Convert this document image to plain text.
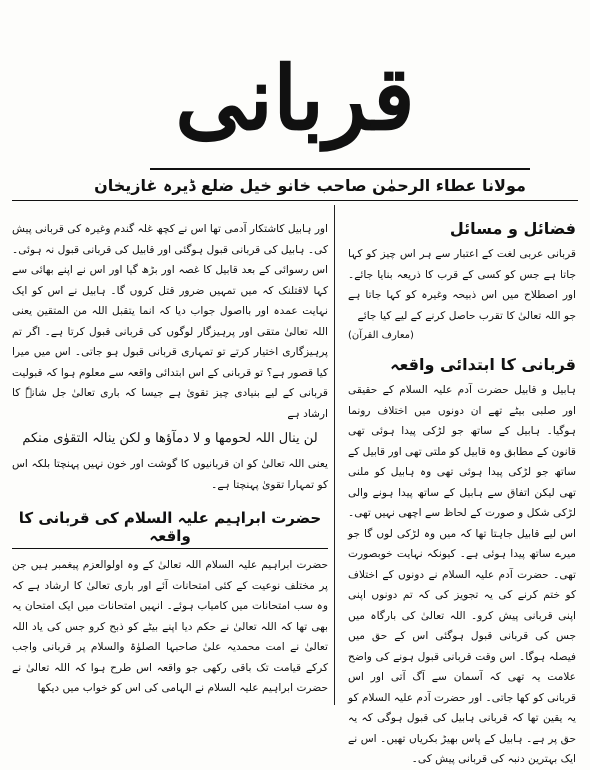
قربانی
مولانا عطاء الرحمٰن صاحب خانو خیل ضلع ڈیرہ غازیخان
فضائل و مسائل

قربانی عربی لغت کے اعتبار سے ہر اس چیز کو کہا جاتا ہے جس کو کسی کے قرب کا ذریعہ بنایا جائے۔ اور اصطلاح میں اس ذبیحہ وغیرہ کو کہا جاتا ہے جو اللہ تعالیٰ کا تقرب حاصل کرنے کے لیے کیا جائے

(معارف القرآن)

قربانی کا ابتدائی واقعہ

ہابیل و قابیل حضرت آدم علیہ السلام کے حقیقی اور صلبی بیٹے تھے ان دونوں میں اختلاف رونما ہوگیا۔ ہابیل کے ساتھ جو لڑکی پیدا ہوئی تھی قانون کے مطابق وہ قابیل کو ملتی تھی اور قابیل کے ساتھ جو لڑکی پیدا ہوئی تھی وہ ہابیل کو ملنی تھی لیکن اتفاق سے ہابیل کے ساتھ پیدا ہونے والی لڑکی شکل و صورت کے لحاظ سے اچھی نہیں تھی۔ اس لیے قابیل جاہتا تھا کہ میں وہ لڑکی لوں گا جو میرے ساتھ پیدا ہوئی ہے۔ کیونکہ نہایت خوبصورت تھی۔ حضرت آدم علیہ السلام نے دونوں کے اختلاف کو ختم کرنے کی یہ تجویز کی کہ تم دونوں اپنی اپنی قربانی پیش کرو۔ اللہ تعالیٰ کی بارگاہ میں جس کی قربانی قبول ہوگئی اس کے حق میں فیصلہ ہوگا۔ اس وقت قربانی قبول ہونے کی واضح علامت یہ تھی کہ آسمان سے آگ آتی اور اس قربانی کو کھا جاتی۔ اور حضرت آدم علیہ السلام کو یہ یقین تھا کہ قربانی ہابیل کی قبول ہوگی کہ یہ حق پر ہے۔ ہابیل کے پاس بھیڑ بکریاں تھیں۔ اس نے ایک بہترین دنبہ کی قربانی پیش کی۔

اور ہابیل کاشتکار آدمی تھا اس نے کچھ غلہ گندم وغیرہ کی قربانی پیش کی۔ ہابیل کی قربانی قبول ہوگئی اور قابیل کی قربانی قبول نہ ہوئی۔ اس رسوائی کے بعد قابیل کا غصہ اور بڑھ گیا اور اس نے اپنے بھائی سے کہا لاقتلنک کہ میں تمہیں ضرور قتل کروں گا۔ ہابیل نے اس کو ایک نہایت عمدہ اور بااصول جواب دیا کہ انما یتقبل اللہ من المتقین یعنی اللہ تعالیٰ متقی اور پرہیزگار لوگوں کی قربانی قبول کرتا ہے۔ اگر تم پرہیزگاری اختیار کرتے تو تمہاری قربانی قبول ہو جاتی۔ اس میں میرا کیا قصور ہے؟ تو قربانی کے اس ابتدائی واقعہ سے معلوم ہوا کہ قبولیت قربانی کے لیے بنیادی چیز تقویٰ ہے جیسا کہ باری تعالیٰ جل شانہٗ کا ارشاد ہے

لن ینال اللہ لحومھا و لا دمآؤھا و لکن ینالہ التقوٰی منکم

یعنی اللہ تعالیٰ کو ان قربانیوں کا گوشت اور خون نہیں پہنچتا بلکہ اس کو تمہارا تقویٰ پہنچتا ہے۔

حضرت ابراہیم علیہ السلام کی قربانی کا واقعہ

حضرت ابراہیم علیہ السلام اللہ تعالیٰ کے وہ اولوالعزم پیغمبر ہیں جن پر مختلف نوعیت کے کئی امتحانات آئے اور باری تعالیٰ کا ارشاد ہے کہ وہ سب امتحانات میں کامیاب ہوئے۔ انہیں امتحانات میں ایک امتحان یہ بھی تھا کہ اللہ تعالیٰ نے حکم دیا اپنے بیٹے کو ذبح کرو جس کی یاد اللہ تعالیٰ نے امت محمدیہ علیٰ صاحبہا الصلوٰۃ والسلام پر قربانی واجب کرکے قیامت تک باقی رکھی جو واقعہ اس طرح ہوا کہ اللہ تعالیٰ نے حضرت ابراہیم علیہ السلام نے الہامی کی اس کو خواب میں دیکھا
